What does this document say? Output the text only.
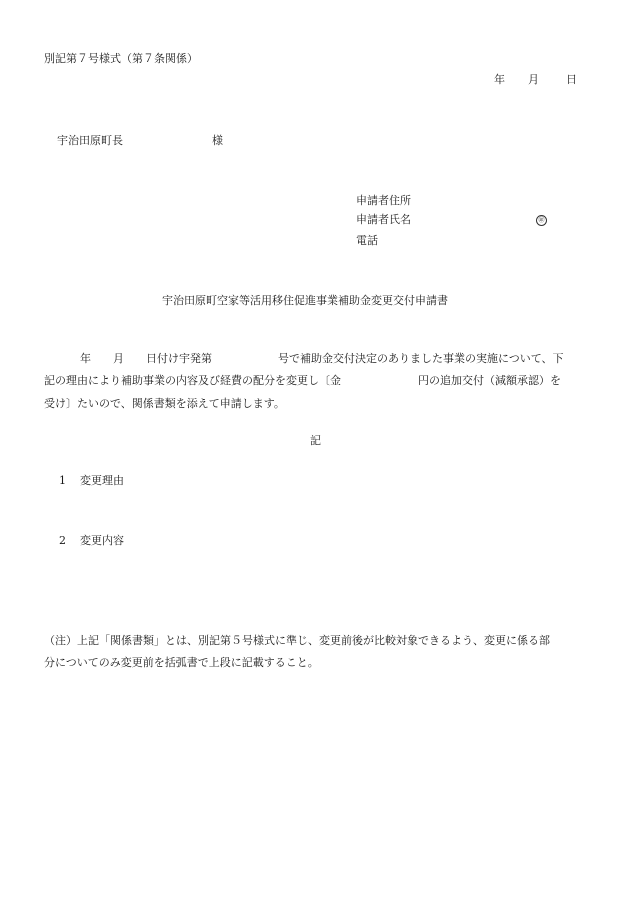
別記第７号様式（第７条関係）
年 月 日
宇治田原町長	様
申請者住所
申請者氏名	㊞
電話
宇治田原町空家等活用移住促進事業補助金変更交付申請書
年　　月　　日付け宇発第　　　　　　号で補助金交付決定のありました事業の実施について、下
記の理由により補助事業の内容及び経費の配分を変更し〔金　　　　　　　円の追加交付（減額承認）を
受け〕たいので、関係書類を添えて申請します。
記
1 変更理由
2 変更内容
（注）上記「関係書類」とは、別記第５号様式に準じ、変更前後が比較対象できるよう、変更に係る部
分についてのみ変更前を括弧書で上段に記載すること。
